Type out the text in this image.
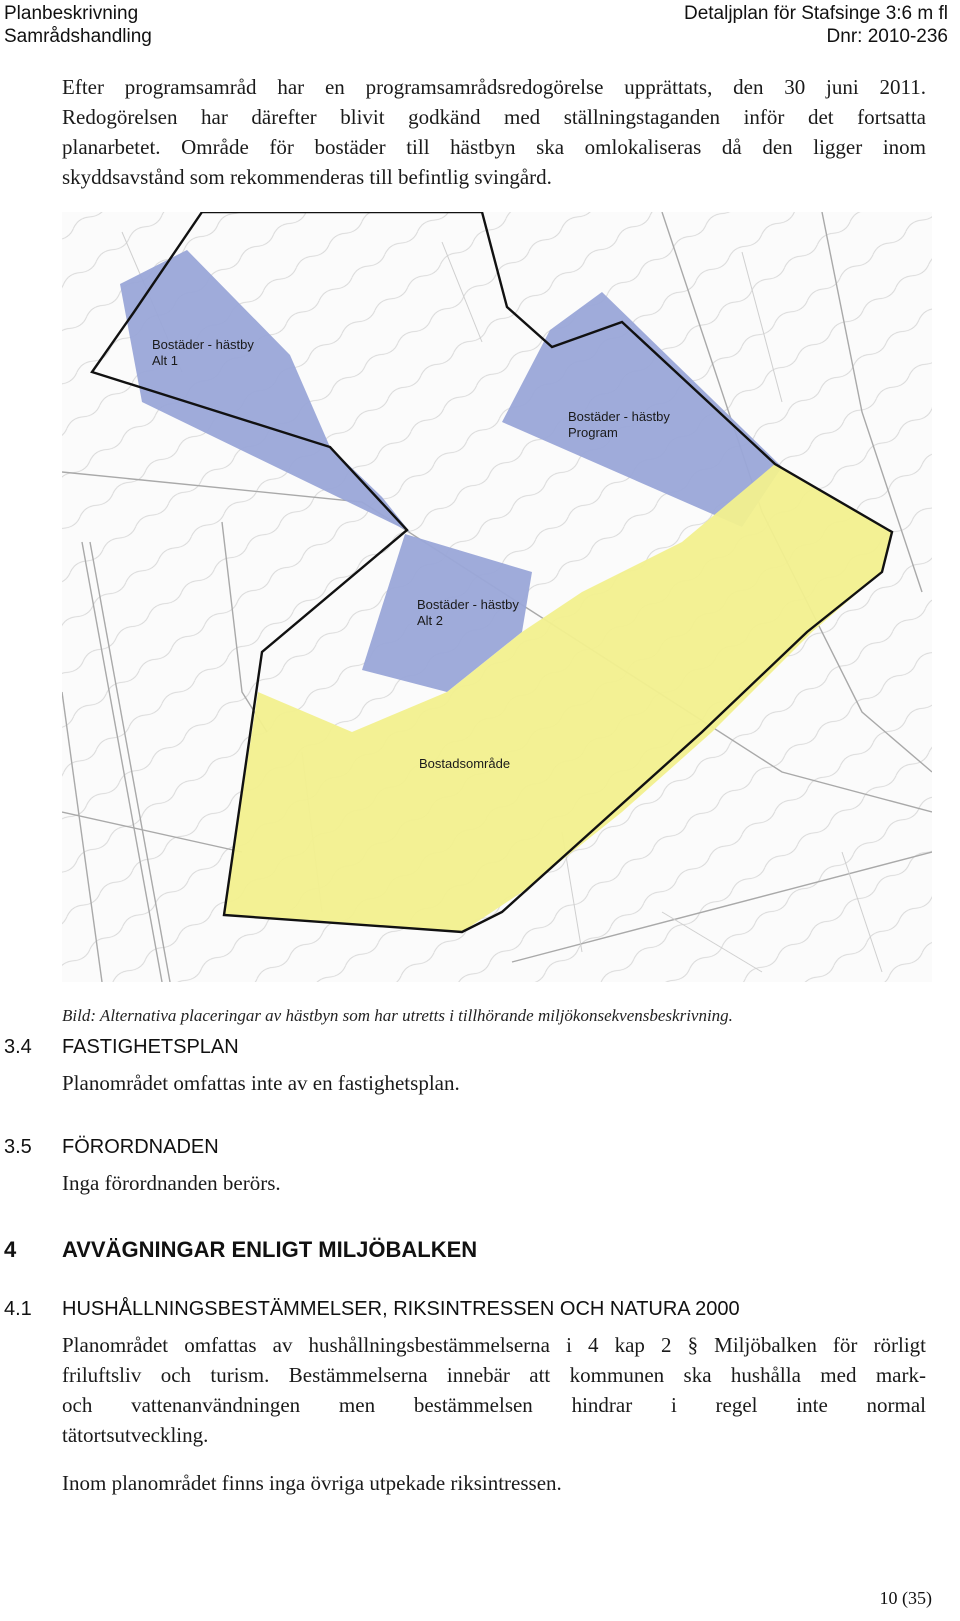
Planbeskrivning
Samrådshandling
Detaljplan för Stafsinge 3:6 m fl
Dnr: 2010-236

Efter programsamråd har en programsamrådsredogörelse upprättats, den 30 juni 2011.

Redogörelsen har därefter blivit godkänd med ställningstaganden inför det fortsatta

planarbetet. Område för bostäder till hästbyn ska omlokaliseras då den ligger inom

skyddsavstånd som rekommenderas till befintlig svingård.

Bostäder - hästby
Alt 1
Bostäder - hästby
Program
Bostäder - hästby
Alt 2
Bostadsområde
Bild: Alternativa placeringar av hästbyn som har utretts i tillhörande miljökonsekvensbeskrivning.
3.4 FASTIGHETSPLAN
Planområdet omfattas inte av en fastighetsplan.
3.5 FÖRORDNADEN
Inga förordnanden berörs.
4 AVVÄGNINGAR ENLIGT MILJÖBALKEN
4.1 HUSHÅLLNINGSBESTÄMMELSER, RIKSINTRESSEN OCH NATURA 2000

Planområdet omfattas av hushållningsbestämmelserna i 4 kap 2 § Miljöbalken för rörligt

friluftsliv och turism. Bestämmelserna innebär att kommunen ska hushålla med mark-

och vattenanvändningen men bestämmelsen hindrar i regel inte normal

tätortsutveckling.

Inom planområdet finns inga övriga utpekade riksintressen.
10 (35)
